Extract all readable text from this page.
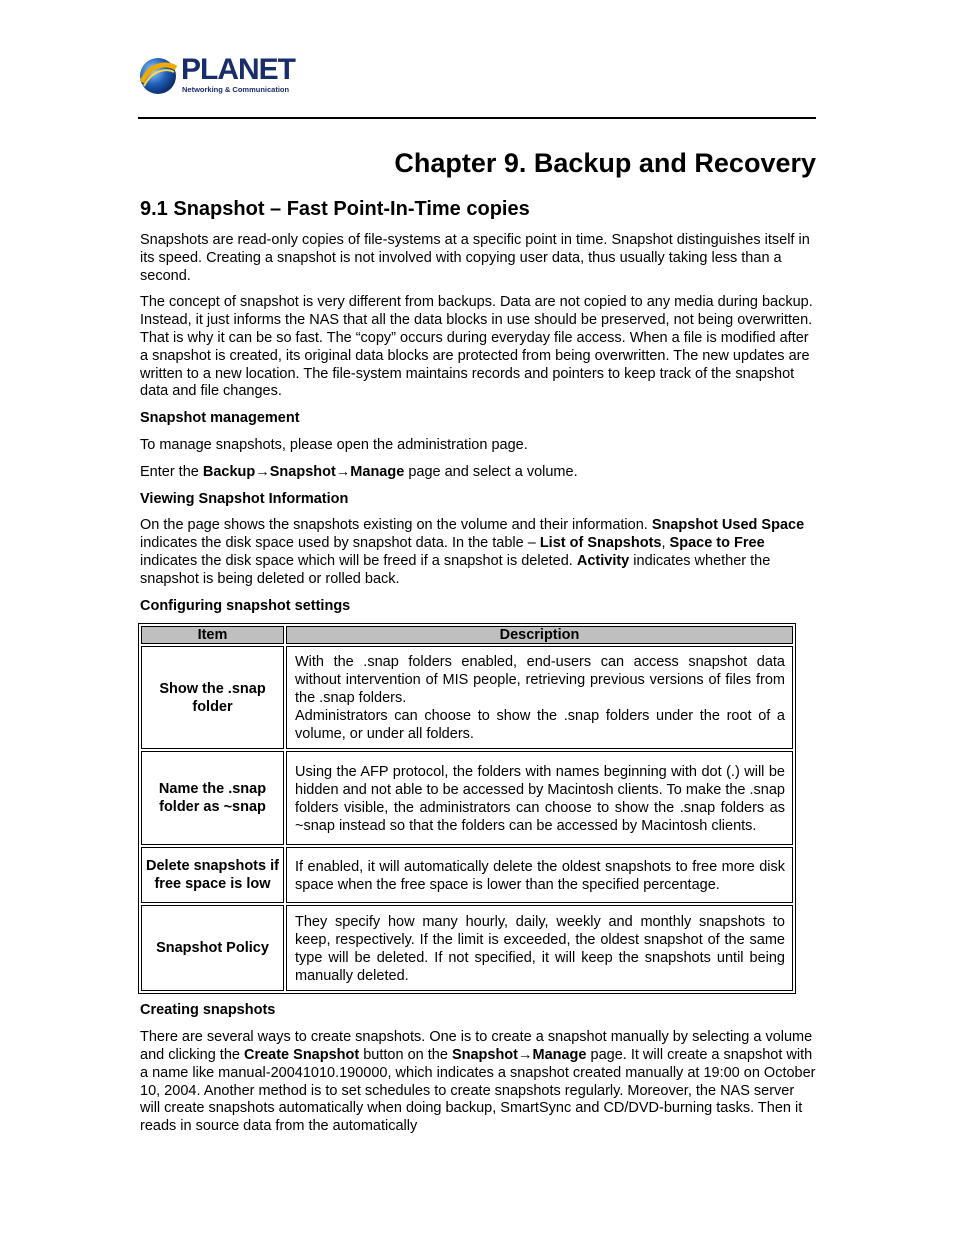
PLANET
Networking & Communication
Chapter 9. Backup and Recovery
9.1 Snapshot – Fast Point-In-Time copies

Snapshots are read-only copies of file-systems at a specific point in time. Snapshot distinguishes itself in its speed. Creating a snapshot is not involved with copying user data, thus usually taking less than a second.

The concept of snapshot is very different from backups. Data are not copied to any media during backup. Instead, it just informs the NAS that all the data blocks in use should be preserved, not being overwritten. That is why it can be so fast. The “copy” occurs during everyday file access. When a file is modified after a snapshot is created, its original data blocks are protected from being overwritten. The new updates are written to a new location. The file-system maintains records and pointers to keep track of the snapshot data and file changes.

Snapshot management

To manage snapshots, please open the administration page.

Enter the Backup→Snapshot→Manage page and select a volume.

Viewing Snapshot Information

On the page shows the snapshots existing on the volume and their information. Snapshot Used Space indicates the disk space used by snapshot data. In the table – List of Snapshots, Space to Free indicates the disk space which will be freed if a snapshot is deleted. Activity indicates whether the snapshot is being deleted or rolled back.

Configuring snapshot settings

Item	Description
Show the .snap folder	With the .snap folders enabled, end-users can access snapshot data without intervention of MIS people, retrieving previous versions of files from the .snap folders.
Administrators can choose to show the .snap folders under the root of a volume, or under all folders.

Name the .snap folder as ~snap	Using the AFP protocol, the folders with names beginning with dot (.) will be hidden and not able to be accessed by Macintosh clients. To make the .snap folders visible, the administrators can choose to show the .snap folders as ~snap instead so that the folders can be accessed by Macintosh clients.
Delete snapshots if free space is low	If enabled, it will automatically delete the oldest snapshots to free more disk space when the free space is lower than the specified percentage.
Snapshot Policy	They specify how many hourly, daily, weekly and monthly snapshots to keep, respectively. If the limit is exceeded, the oldest snapshot of the same type will be deleted. If not specified, it will keep the snapshots until being manually deleted.

Creating snapshots

There are several ways to create snapshots. One is to create a snapshot manually by selecting a volume and clicking the Create Snapshot button on the Snapshot→Manage page. It will create a snapshot with a name like manual-20041010.190000, which indicates a snapshot created manually at 19:00 on October 10, 2004. Another method is to set schedules to create snapshots regularly. Moreover, the NAS server will create snapshots automatically when doing backup, SmartSync and CD/DVD-burning tasks. Then it reads in source data from the automatically
